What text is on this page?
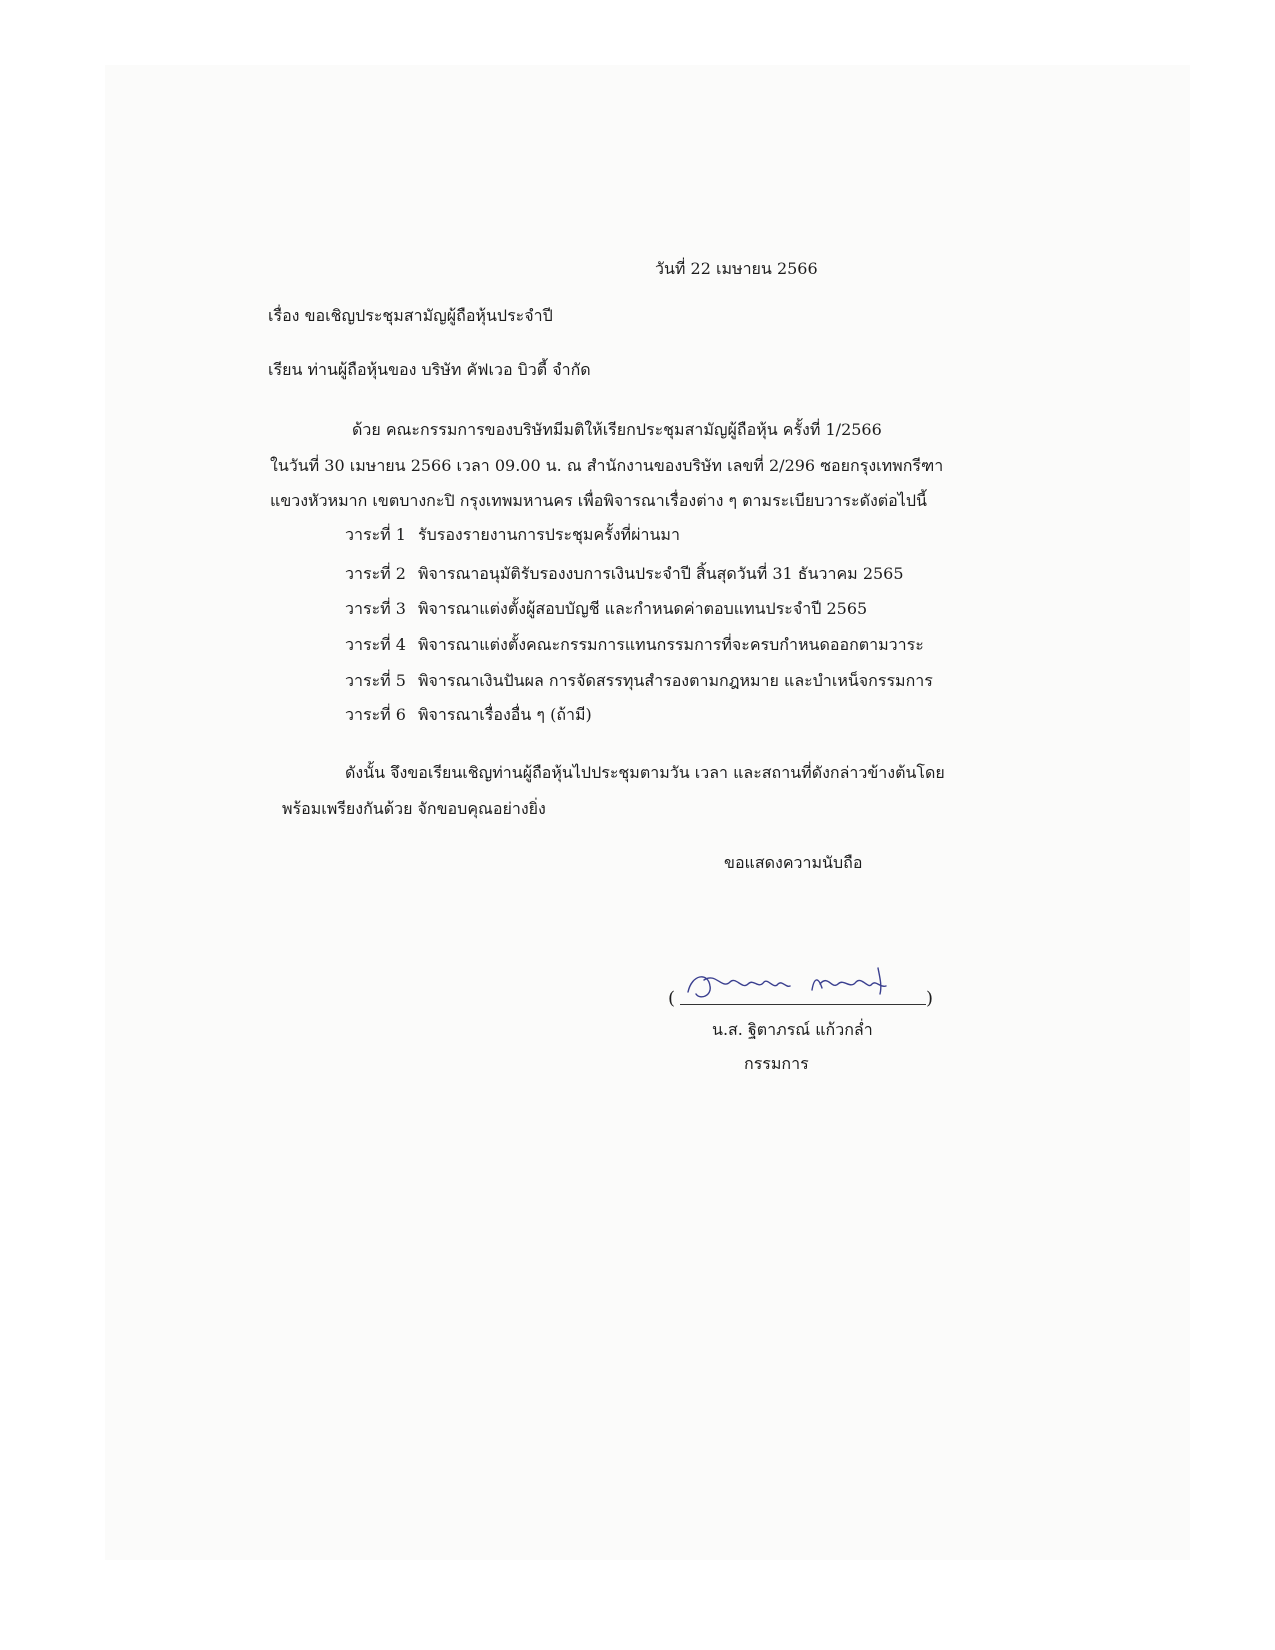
วันที่ 22 เมษายน 2566
เรื่อง ขอเชิญประชุมสามัญผู้ถือหุ้นประจำปี
เรียน ท่านผู้ถือหุ้นของ บริษัท คัฟเวอ บิวตี้ จำกัด
ด้วย คณะกรรมการของบริษัทมีมติให้เรียกประชุมสามัญผู้ถือหุ้น ครั้งที่ 1/2566
ในวันที่ 30 เมษายน 2566 เวลา 09.00 น. ณ สำนักงานของบริษัท เลขที่ 2/296 ซอยกรุงเทพกรีฑา
แขวงหัวหมาก เขตบางกะปิ กรุงเทพมหานคร เพื่อพิจารณาเรื่องต่าง ๆ ตามระเบียบวาระดังต่อไปนี้
วาระที่ 1 รับรองรายงานการประชุมครั้งที่ผ่านมา
วาระที่ 2 พิจารณาอนุมัติรับรองงบการเงินประจำปี สิ้นสุดวันที่ 31 ธันวาคม 2565
วาระที่ 3 พิจารณาแต่งตั้งผู้สอบบัญชี และกำหนดค่าตอบแทนประจำปี 2565
วาระที่ 4 พิจารณาแต่งตั้งคณะกรรมการแทนกรรมการที่จะครบกำหนดออกตามวาระ
วาระที่ 5 พิจารณาเงินปันผล การจัดสรรทุนสำรองตามกฎหมาย และบำเหน็จกรรมการ
วาระที่ 6 พิจารณาเรื่องอื่น ๆ (ถ้ามี)
ดังนั้น จึงขอเรียนเชิญท่านผู้ถือหุ้นไปประชุมตามวัน เวลา และสถานที่ดังกล่าวข้างต้นโดย
พร้อมเพรียงกันด้วย จักขอบคุณอย่างยิ่ง
ขอแสดงความนับถือ
(	)
น.ส. ฐิตาภรณ์ แก้วกล่ำ
กรรมการ
